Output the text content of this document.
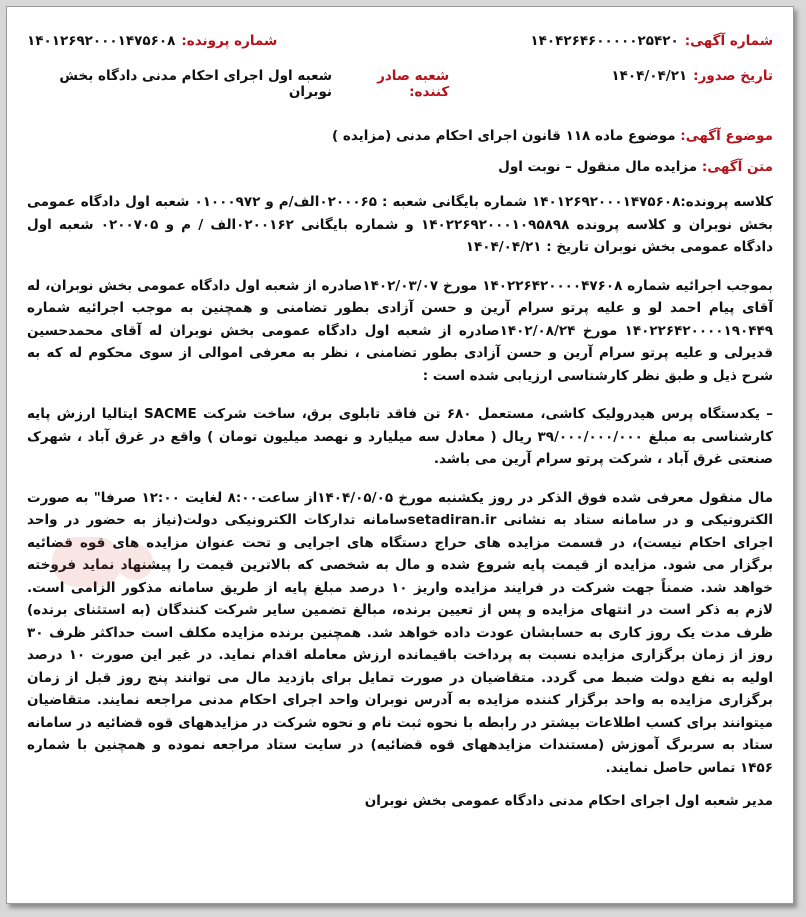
شماره آگهی:
۱۴۰۴۲۶۴۶۰۰۰۰۰۲۵۴۲۰
شماره پرونده:
۱۴۰۱۲۶۹۲۰۰۰۱۴۷۵۶۰۸
تاریخ صدور:
۱۴۰۴/۰۴/۲۱
شعبه صادر کننده:
شعبه اول اجرای احکام مدنی دادگاه بخش نوبران
موضوع آگهی: موضوع ماده ۱۱۸ قانون اجرای احکام مدنی (مزایده )
متن آگهی: مزایده مال منقول – نوبت اول

کلاسه پرونده:۱۴۰۱۲۶۹۲۰۰۰۱۴۷۵۶۰۸ شماره بایگانی شعبه : ۰۲۰۰۰۶۵الف/م و ۰۱۰۰۰۹۷۲ شعبه اول دادگاه عمومی بخش نوبران و کلاسه پرونده ۱۴۰۲۲۶۹۲۰۰۰۱۰۹۵۸۹۸ و شماره بایگانی ۰۲۰۰۱۶۲الف / م و ۰۲۰۰۷۰۵ شعبه اول دادگاه عمومی بخش نوبران تاریخ : ۱۴۰۴/۰۴/۲۱

بموجب اجرائیه شماره ۱۴۰۲۲۶۴۲۰۰۰۰۴۷۶۰۸ مورخ ۱۴۰۲/۰۳/۰۷صادره از شعبه اول دادگاه عمومی بخش نوبران، له آقای پیام احمد لو و علیه پرتو سرام آرین و حسن آزادی بطور تضامنی و همچنین به موجب اجرائیه شماره ۱۴۰۲۲۶۴۲۰۰۰۰۱۹۰۴۴۹ مورخ ۱۴۰۲/۰۸/۲۴صادره از شعبه اول دادگاه عمومی بخش نوبران له آقای محمدحسین قدیرلی و علیه پرتو سرام آرین و حسن آزادی بطور تضامنی ، نظر به معرفی اموالی از سوی محکوم له که به شرح ذیل و طبق نظر کارشناسی ارزیابی شده است :

– یکدستگاه پرس هیدرولیک کاشی، مستعمل ۶۸۰ تن فاقد تابلوی برق، ساخت شرکت SACME ایتالیا ارزش پایه کارشناسی به مبلغ ۳۹/۰۰۰/۰۰۰/۰۰۰ ریال ( معادل سه میلیارد و نهصد میلیون تومان ) واقع در غرق آباد ، شهرک صنعتی غرق آباد ، شرکت پرتو سرام آرین می باشد.

مال منقول معرفی شده فوق الذکر در روز یکشنبه مورخ ۱۴۰۴/۰۵/۰۵از ساعت۸:۰۰ لغایت ۱۲:۰۰ صرفا" به صورت الکترونیکی و در سامانه ستاد به نشانی setadiran.irسامانه تدارکات الکترونیکی دولت(نیاز به حضور در واحد اجرای احکام نیست)، در قسمت مزایده های حراج دستگاه های اجرایی و تحت عنوان مزایده های قوه قضائیه برگزار می شود. مزایده از قیمت پایه شروع شده و مال به شخصی که بالاترین قیمت را پیشنهاد نماید فروخته خواهد شد. ضمناً جهت شرکت در فرایند مزایده واریز ۱۰ درصد مبلغ پایه از طریق سامانه مذکور الزامی است. لازم به ذکر است در انتهای مزایده و پس از تعیین برنده، مبالغ تضمین سایر شرکت کنندگان (به استثنای برنده) ظرف مدت یک روز کاری به حسابشان عودت داده خواهد شد. همچنین برنده مزایده مکلف است حداکثر ظرف ۳۰ روز از زمان برگزاری مزایده نسبت به پرداخت باقیمانده ارزش معامله اقدام نماید. در غیر این صورت ۱۰ درصد اولیه به نفع دولت ضبط می گردد. متقاضیان در صورت تمایل برای بازدید مال می توانند پنج روز قبل از زمان برگزاری مزایده به واحد برگزار کننده مزایده به آدرس نوبران واحد اجرای احکام مدنی مراجعه نمایند. متقاضیان میتوانند برای کسب اطلاعات بیشتر در رابطه با نحوه ثبت نام و نحوه شرکت در مزایدههای قوه قضائیه در سامانه ستاد به سربرگ آموزش (مستندات مزایدههای قوه قضائیه) در سایت ستاد مراجعه نموده و همچنین با شماره ۱۴۵۶ تماس حاصل نمایند.

مدیر شعبه اول اجرای احکام مدنی دادگاه عمومی بخش نوبران
